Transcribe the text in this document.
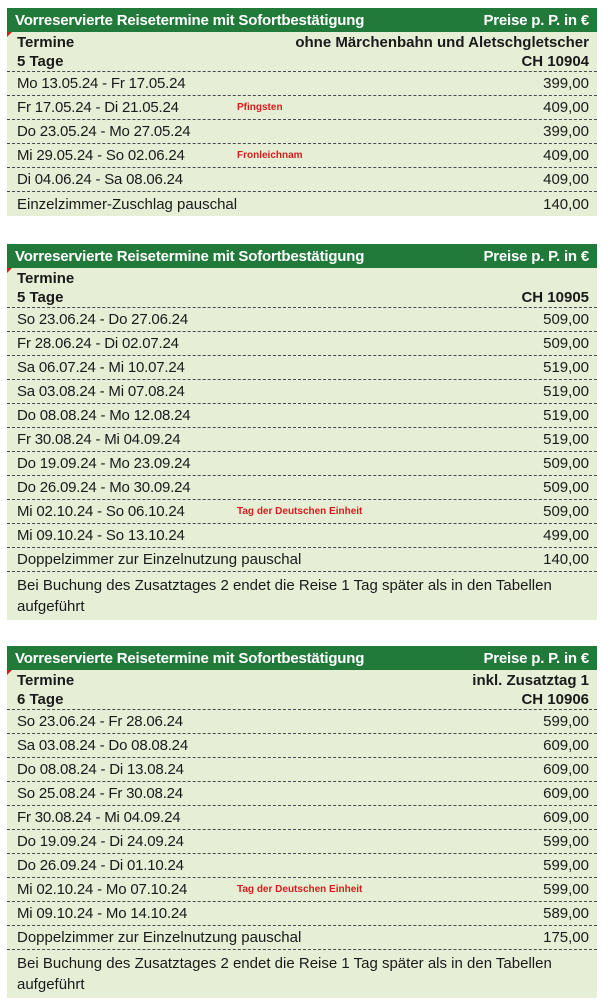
Vorreservierte Reisetermine mit Sofortbestätigung	Preise p. P. in €
Termine	ohne Märchenbahn und Aletschgletscher
5 Tage	CH 10904
Mo 13.05.24 - Fr 17.05.24	399,00
Fr 17.05.24 - Di 21.05.24	Pfingsten	409,00
Do 23.05.24 - Mo 27.05.24	399,00
Mi 29.05.24 - So 02.06.24	Fronleichnam	409,00
Di 04.06.24 - Sa 08.06.24	409,00
Einzelzimmer-Zuschlag pauschal	140,00
Vorreservierte Reisetermine mit Sofortbestätigung	Preise p. P. in €
Termine
5 Tage	CH 10905
So 23.06.24 - Do 27.06.24	509,00
Fr 28.06.24 - Di 02.07.24	509,00
Sa 06.07.24 - Mi 10.07.24	519,00
Sa 03.08.24 - Mi 07.08.24	519,00
Do 08.08.24 - Mo 12.08.24	519,00
Fr 30.08.24 - Mi 04.09.24	519,00
Do 19.09.24 - Mo 23.09.24	509,00
Do 26.09.24 - Mo 30.09.24	509,00
Mi 02.10.24 - So 06.10.24	Tag der Deutschen Einheit	509,00
Mi 09.10.24 - So 13.10.24	499,00
Doppelzimmer zur Einzelnutzung pauschal	140,00
Bei Buchung des Zusatztages 2 endet die Reise 1 Tag später als in den Tabellen aufgeführt
Vorreservierte Reisetermine mit Sofortbestätigung	Preise p. P. in €
Termine	inkl. Zusatztag 1
6 Tage	CH 10906
So 23.06.24 - Fr 28.06.24	599,00
Sa 03.08.24 - Do 08.08.24	609,00
Do 08.08.24 - Di 13.08.24	609,00
So 25.08.24 - Fr 30.08.24	609,00
Fr 30.08.24 - Mi 04.09.24	609,00
Do 19.09.24 - Di 24.09.24	599,00
Do 26.09.24 - Di 01.10.24	599,00
Mi 02.10.24 - Mo 07.10.24	Tag der Deutschen Einheit	599,00
Mi 09.10.24 - Mo 14.10.24	589,00
Doppelzimmer zur Einzelnutzung pauschal	175,00
Bei Buchung des Zusatztages 2 endet die Reise 1 Tag später als in den Tabellen aufgeführt
